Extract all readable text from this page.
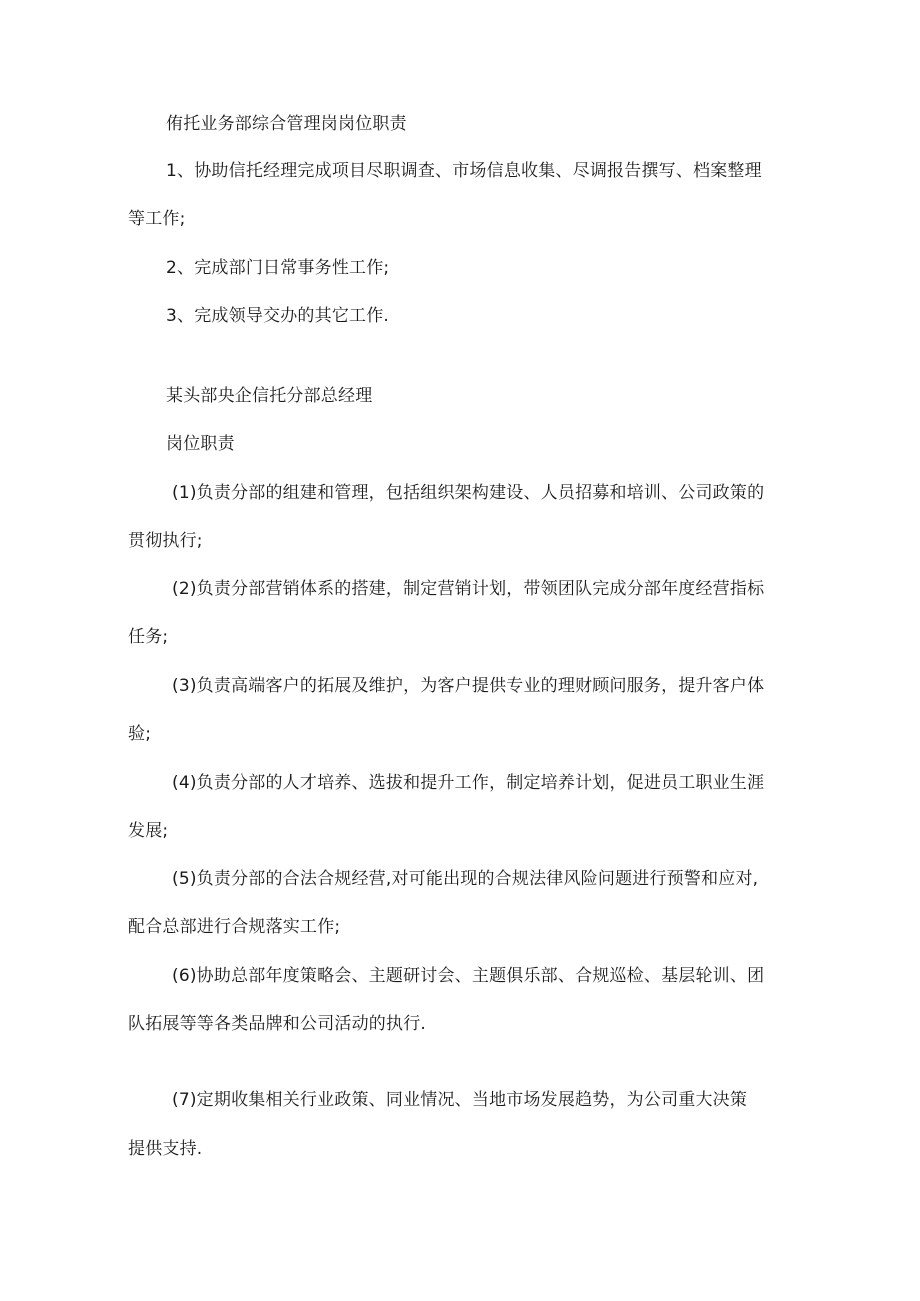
侑托业务部综合管理岗岗位职责
1、协助信托经理完成项目尽职调查、市场信息收集、尽调报告撰写、档案整理
等工作;
2、完成部门日常事务性工作;
3、完成领导交办的其它工作.
某头部央企信托分部总经理
岗位职责
(1)负责分部的组建和管理，包括组织架构建设、人员招募和培训、公司政策的
贯彻执行;
(2)负责分部营销体系的搭建，制定营销计划，带领团队完成分部年度经营指标
任务;
(3)负责高端客户的拓展及维护，为客户提供专业的理财顾问服务，提升客户体
验;
(4)负责分部的人才培养、选拔和提升工作，制定培养计划，促进员工职业生涯
发展;
(5)负责分部的合法合规经营,对可能出现的合规法律风险问题进行预警和应对,
配合总部进行合规落实工作;
(6)协助总部年度策略会、主题研讨会、主题俱乐部、合规巡检、基层轮训、团
队拓展等等各类品牌和公司活动的执行.
(7)定期收集相关行业政策、同业情况、当地市场发展趋势，为公司重大决策
提供支持.
